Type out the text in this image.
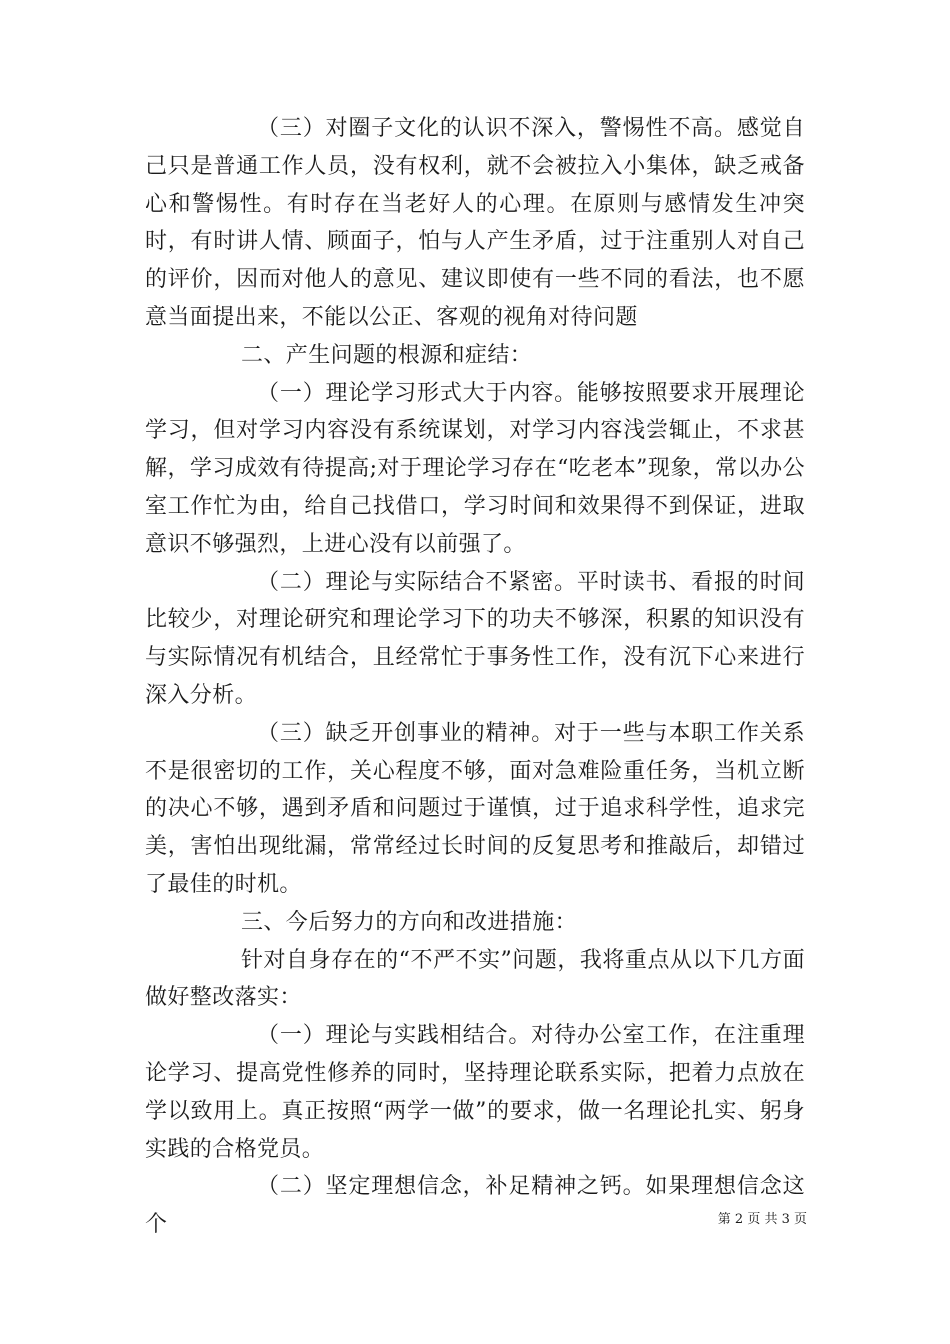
（三）对圈子文化的认识不深入，警惕性不高。感觉自己只是普通工作人员，没有权利，就不会被拉入小集体，缺乏戒备心和警惕性。有时存在当老好人的心理。在原则与感情发生冲突时，有时讲人情、顾面子，怕与人产生矛盾，过于注重别人对自己的评价，因而对他人的意见、建议即使有一些不同的看法，也不愿意当面提出来，不能以公正、客观的视角对待问题

二、产生问题的根源和症结：

（一）理论学习形式大于内容。能够按照要求开展理论学习，但对学习内容没有系统谋划，对学习内容浅尝辄止，不求甚解，学习成效有待提高;对于理论学习存在“吃老本”现象，常以办公室工作忙为由，给自己找借口，学习时间和效果得不到保证，进取意识不够强烈，上进心没有以前强了。

（二）理论与实际结合不紧密。平时读书、看报的时间比较少，对理论研究和理论学习下的功夫不够深，积累的知识没有与实际情况有机结合，且经常忙于事务性工作，没有沉下心来进行深入分析。

（三）缺乏开创事业的精神。对于一些与本职工作关系不是很密切的工作，关心程度不够，面对急难险重任务，当机立断的决心不够，遇到矛盾和问题过于谨慎，过于追求科学性，追求完美，害怕出现纰漏，常常经过长时间的反复思考和推敲后，却错过了最佳的时机。

三、今后努力的方向和改进措施：

针对自身存在的“不严不实”问题，我将重点从以下几方面做好整改落实：

（一）理论与实践相结合。对待办公室工作，在注重理论学习、提高党性修养的同时，坚持理论联系实际，把着力点放在学以致用上。真正按照“两学一做”的要求，做一名理论扎实、躬身实践的合格党员。

（二）坚定理想信念，补足精神之钙。如果理想信念这个	第 2 页 共 3 页
